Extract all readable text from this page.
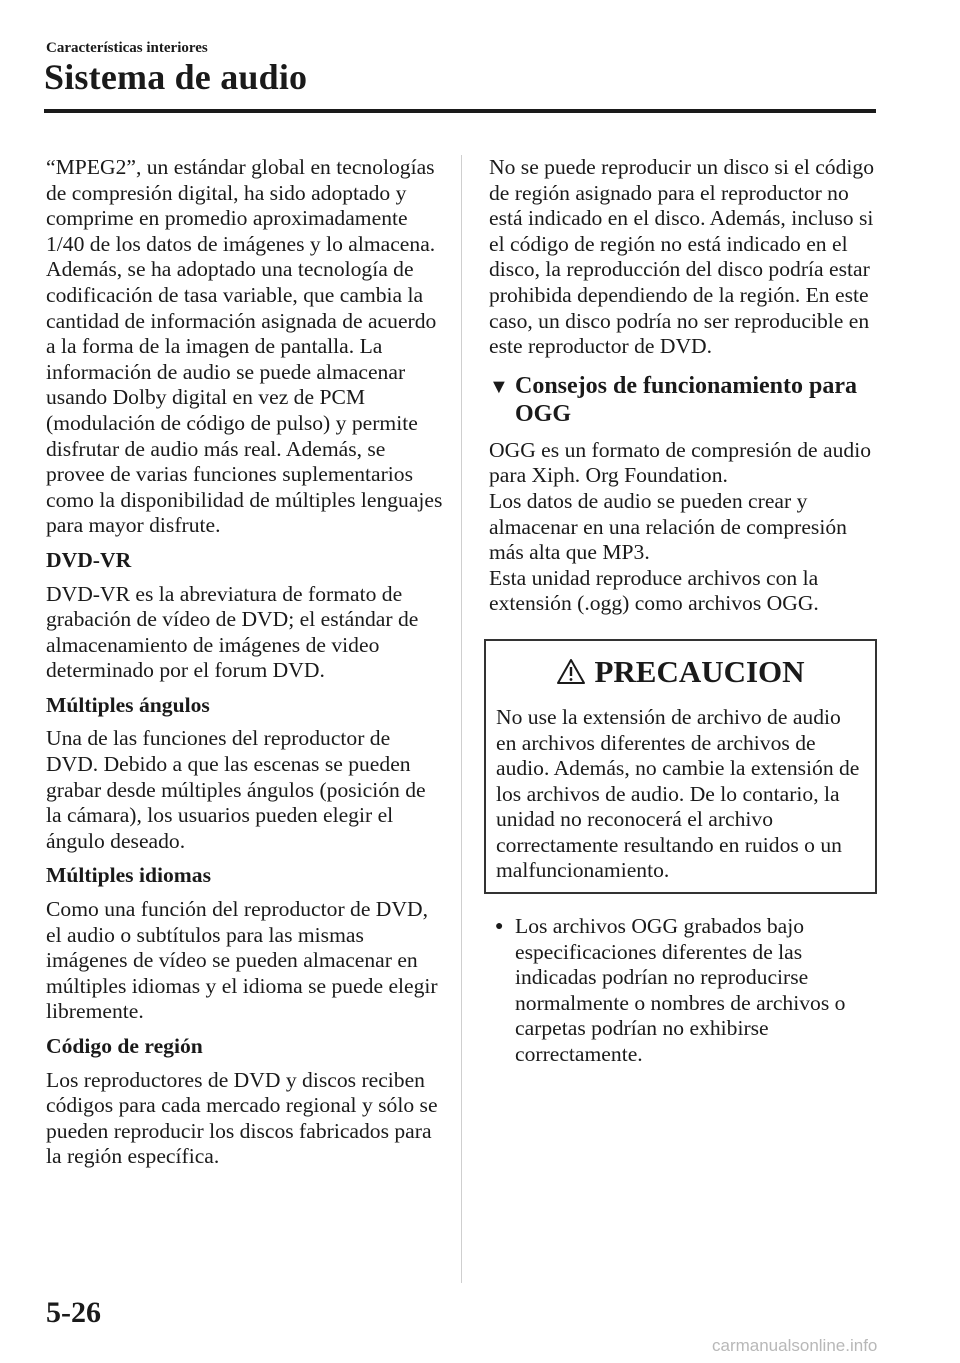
Características interiores
Sistema de audio

“MPEG2”, un estándar global en tecnologías de compresión digital, ha sido adoptado y comprime en promedio aproximadamente 1/40 de los datos de imágenes y lo almacena. Además, se ha adoptado una tecnología de codificación de tasa variable, que cambia la cantidad de información asignada de acuerdo a la forma de la imagen de pantalla. La información de audio se puede almacenar usando Dolby digital en vez de PCM (modulación de código de pulso) y permite disfrutar de audio más real. Además, se provee de varias funciones suplementarios como la disponibilidad de múltiples lenguajes para mayor disfrute.

DVD-VR

DVD-VR es la abreviatura de formato de grabación de vídeo de DVD; el estándar de almacenamiento de imágenes de video determinado por el forum DVD.

Múltiples ángulos

Una de las funciones del reproductor de DVD. Debido a que las escenas se pueden grabar desde múltiples ángulos (posición de la cámara), los usuarios pueden elegir el ángulo deseado.

Múltiples idiomas

Como una función del reproductor de DVD, el audio o subtítulos para las mismas imágenes de vídeo se pueden almacenar en múltiples idiomas y el idioma se puede elegir libremente.

Código de región

Los reproductores de DVD y discos reciben códigos para cada mercado regional y sólo se pueden reproducir los discos fabricados para la región específica.

No se puede reproducir un disco si el código de región asignado para el reproductor no está indicado en el disco. Además, incluso si el código de región no está indicado en el disco, la reproducción del disco podría estar prohibida dependiendo de la región. En este caso, un disco podría no ser reproducible en este reproductor de DVD.

▼ Consejos de funcionamiento para OGG

OGG es un formato de compresión de audio para Xiph. Org Foundation.
Los datos de audio se pueden crear y almacenar en una relación de compresión más alta que MP3.
Esta unidad reproduce archivos con la extensión (.ogg) como archivos OGG.

PRECAUCION

No use la extensión de archivo de audio en archivos diferentes de archivos de audio. Además, no cambie la extensión de los archivos de audio. De lo contario, la unidad no reconocerá el archivo correctamente resultando en ruidos o un malfuncionamiento.

● Los archivos OGG grabados bajo especificaciones diferentes de las indicadas podrían no reproducirse normalmente o nombres de archivos o carpetas podrían no exhibirse correctamente.
5-26
carmanualsonline.info
